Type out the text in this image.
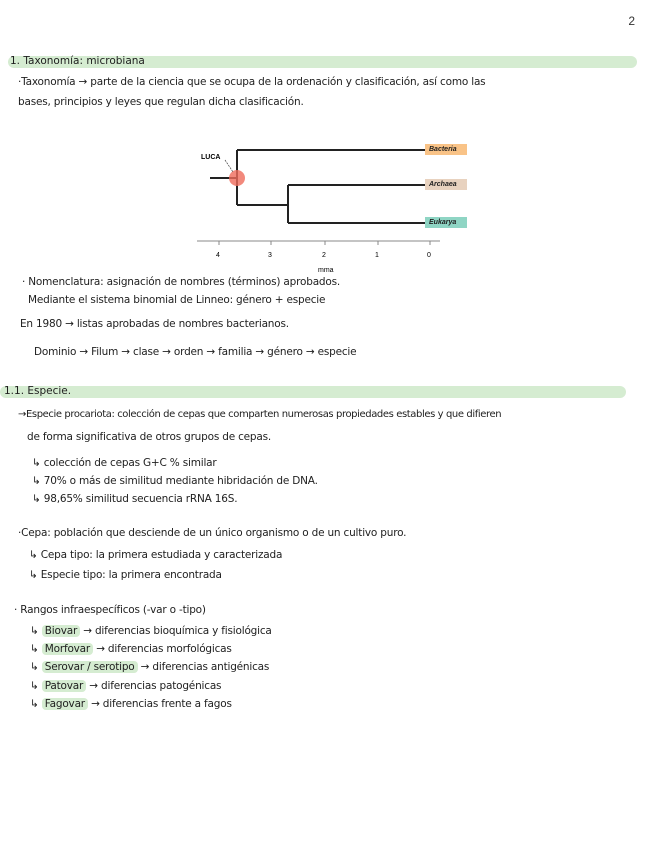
2
1. Taxonomía: microbiana
·Taxonomía → parte de la ciencia que se ocupa de la ordenación y clasificación, así como las
bases, principios y leyes que regulan dicha clasificación.
4	3	2	1	0
mma
LUCA
Bacteria
Archaea
Eukarya
· Nomenclatura: asignación de nombres (términos) aprobados.
Mediante el sistema binomial de Linneo: género + especie
En 1980 → listas aprobadas de nombres bacterianos.
Dominio → Filum → clase → orden → familia → género → especie
1.1. Especie.
→Especie procariota: colección de cepas que comparten numerosas propiedades estables y que difieren
de forma significativa de otros grupos de cepas.
↳ colección de cepas G+C % similar
↳ 70% o más de similitud mediante hibridación de DNA.
↳ 98,65% similitud secuencia rRNA 16S.
·Cepa: población que desciende de un único organismo o de un cultivo puro.
↳ Cepa tipo: la primera estudiada y caracterizada
↳ Especie tipo: la primera encontrada
· Rangos infraespecíficos (-var o -tipo)
↳ Biovar → diferencias bioquímica y fisiológica
↳ Morfovar → diferencias morfológicas
↳ Serovar / serotipo → diferencias antigénicas
↳ Patovar → diferencias patogénicas
↳ Fagovar → diferencias frente a fagos
